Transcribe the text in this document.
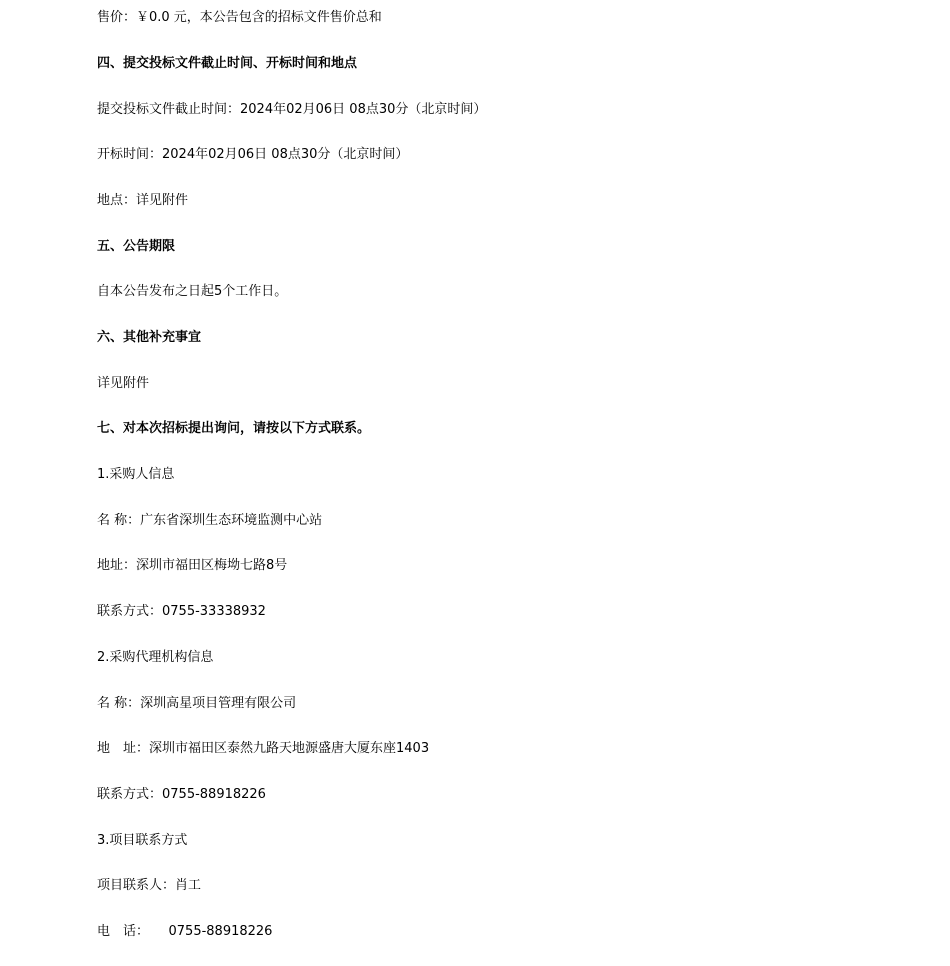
售价：￥0.0 元，本公告包含的招标文件售价总和
四、提交投标文件截止时间、开标时间和地点
提交投标文件截止时间：2024年02月06日 08点30分（北京时间）
开标时间：2024年02月06日 08点30分（北京时间）
地点：详见附件
五、公告期限
自本公告发布之日起5个工作日。
六、其他补充事宜
详见附件
七、对本次招标提出询问，请按以下方式联系。
1.采购人信息
名 称：广东省深圳生态环境监测中心站
地址：深圳市福田区梅坳七路8号
联系方式：0755-33338932
2.采购代理机构信息
名 称：深圳高星项目管理有限公司
地　址：深圳市福田区泰然九路天地源盛唐大厦东座1403
联系方式：0755-88918226
3.项目联系方式
项目联系人：肖工
电　话：　　0755-88918226
